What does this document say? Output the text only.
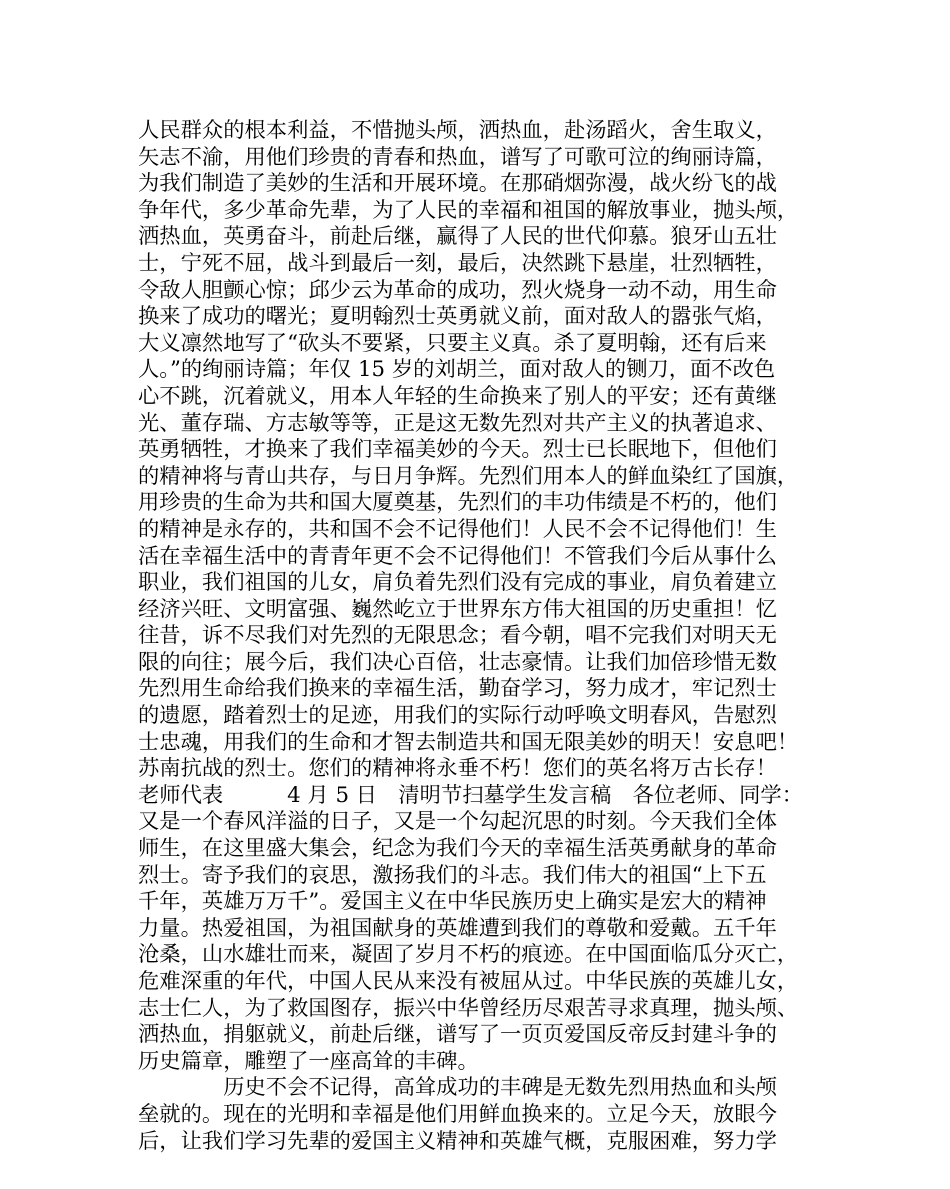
人民群众的根本利益，不惜抛头颅，洒热血，赴汤蹈火，舍生取义，
矢志不渝，用他们珍贵的青春和热血，谱写了可歌可泣的绚丽诗篇，
为我们制造了美妙的生活和开展环境。在那硝烟弥漫，战火纷飞的战
争年代，多少革命先辈，为了人民的幸福和祖国的解放事业，抛头颅，
洒热血，英勇奋斗，前赴后继，赢得了人民的世代仰慕。狼牙山五壮
士，宁死不屈，战斗到最后一刻，最后，决然跳下悬崖，壮烈牺牲，
令敌人胆颤心惊；邱少云为革命的成功，烈火烧身一动不动，用生命
换来了成功的曙光；夏明翰烈士英勇就义前，面对敌人的嚣张气焰，
大义凛然地写了“砍头不要紧，只要主义真。杀了夏明翰，还有后来
人。”的绚丽诗篇；年仅 15 岁的刘胡兰，面对敌人的铡刀，面不改色
心不跳，沉着就义，用本人年轻的生命换来了别人的平安；还有黄继
光、董存瑞、方志敏等等，正是这无数先烈对共产主义的执著追求、
英勇牺牲，才换来了我们幸福美妙的今天。烈士已长眠地下，但他们
的精神将与青山共存，与日月争辉。先烈们用本人的鲜血染红了国旗，
用珍贵的生命为共和国大厦奠基，先烈们的丰功伟绩是不朽的，他们
的精神是永存的，共和国不会不记得他们！人民不会不记得他们！生
活在幸福生活中的青青年更不会不记得他们！不管我们今后从事什么
职业，我们祖国的儿女，肩负着先烈们没有完成的事业，肩负着建立
经济兴旺、文明富强、巍然屹立于世界东方伟大祖国的历史重担！忆
往昔，诉不尽我们对先烈的无限思念；看今朝，唱不完我们对明天无
限的向往；展今后，我们决心百倍，壮志豪情。让我们加倍珍惜无数
先烈用生命给我们换来的幸福生活，勤奋学习，努力成才，牢记烈士
的遗愿，踏着烈士的足迹，用我们的实际行动呼唤文明春风，告慰烈
士忠魂，用我们的生命和才智去制造共和国无限美妙的明天！安息吧！
苏南抗战的烈士。您们的精神将永垂不朽！您们的英名将万古长存！
老师代表　　　4 月 5 日　清明节扫墓学生发言稿　各位老师、同学：
又是一个春风洋溢的日子，又是一个勾起沉思的时刻。今天我们全体
师生，在这里盛大集会，纪念为我们今天的幸福生活英勇献身的革命
烈士。寄予我们的哀思，激扬我们的斗志。我们伟大的祖国“上下五
千年，英雄万万千”。爱国主义在中华民族历史上确实是宏大的精神
力量。热爱祖国，为祖国献身的英雄遭到我们的尊敬和爱戴。五千年
沧桑，山水雄壮而来，凝固了岁月不朽的痕迹。在中国面临瓜分灭亡，
危难深重的年代，中国人民从来没有被屈从过。中华民族的英雄儿女，
志士仁人，为了救国图存，振兴中华曾经历尽艰苦寻求真理，抛头颅、
洒热血，捐躯就义，前赴后继，谱写了一页页爱国反帝反封建斗争的
历史篇章，雕塑了一座高耸的丰碑。
　　　　历史不会不记得，高耸成功的丰碑是无数先烈用热血和头颅
垒就的。现在的光明和幸福是他们用鲜血换来的。立足今天，放眼今
后，让我们学习先辈的爱国主义精神和英雄气概，克服困难，努力学
